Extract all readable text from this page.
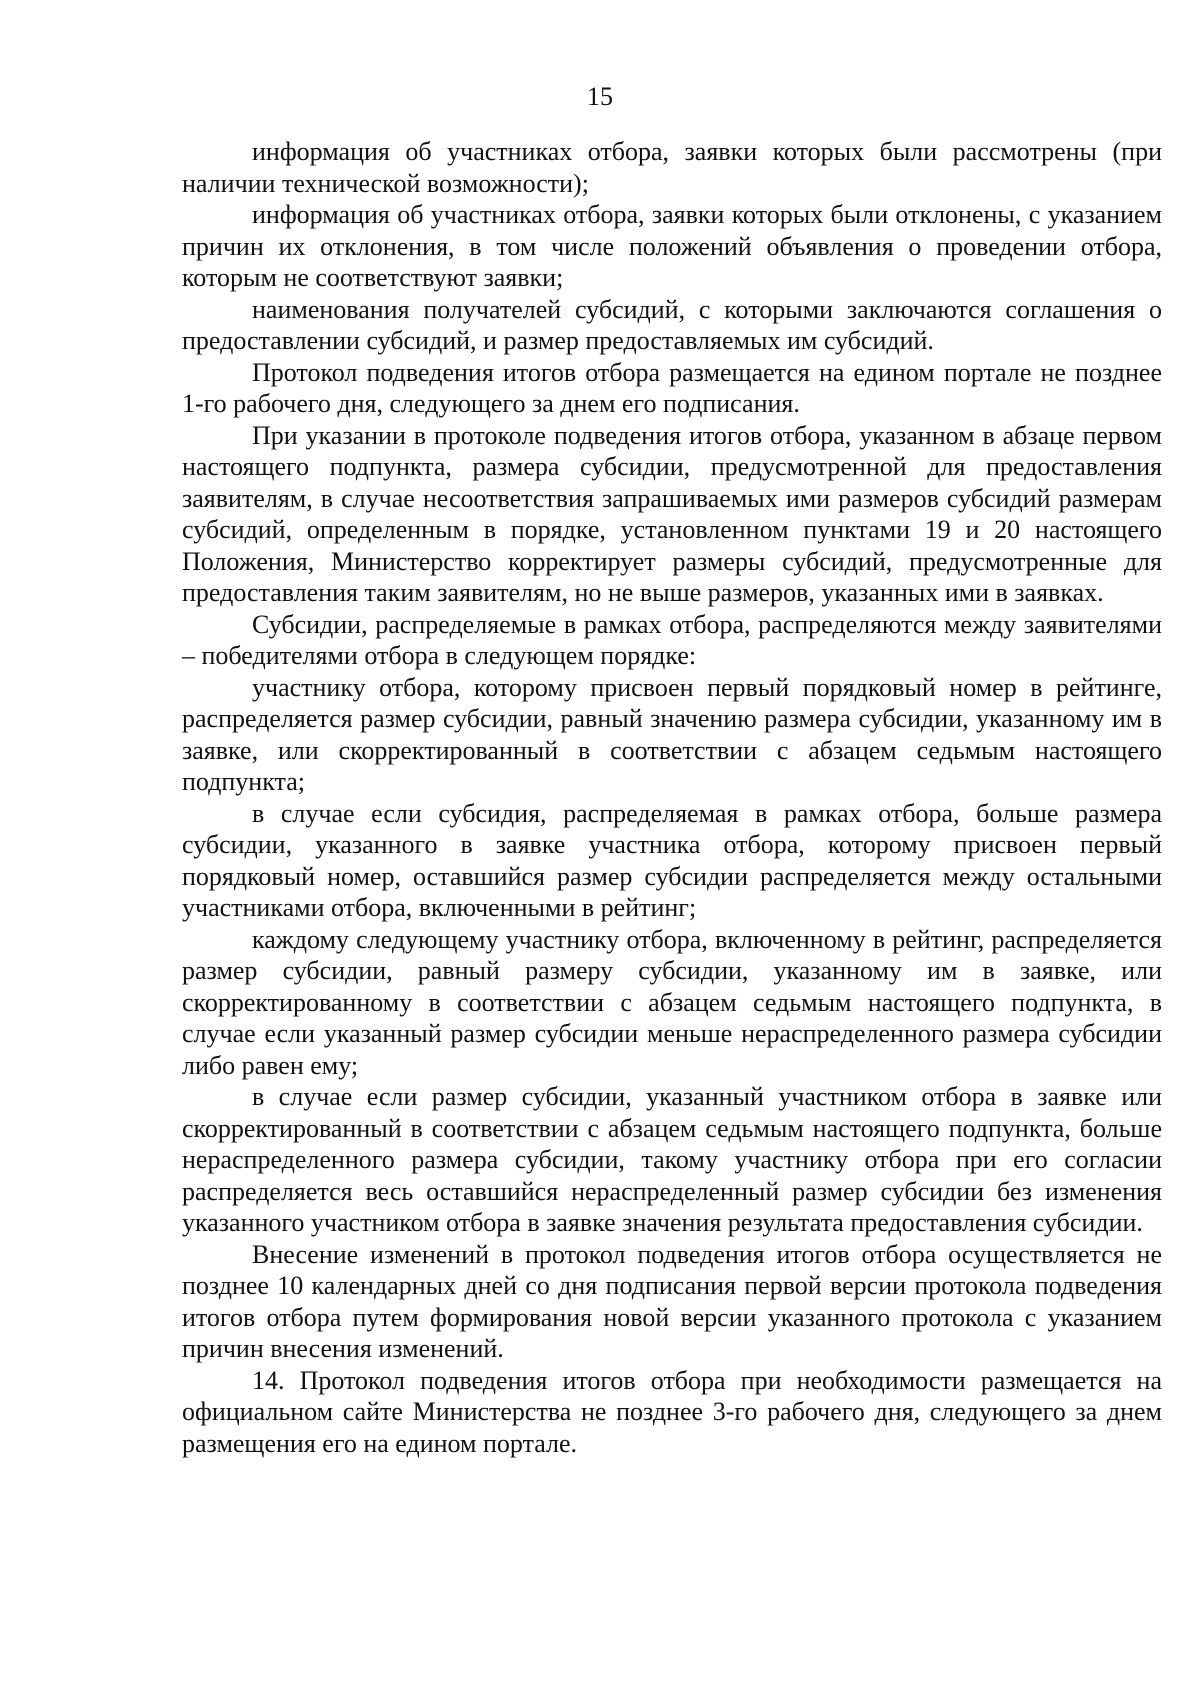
15

информация об участниках отбора, заявки которых были рассмотрены (при наличии технической возможности);

информация об участниках отбора, заявки которых были отклонены, с указанием причин их отклонения, в том числе положений объявления о проведении отбора, которым не соответствуют заявки;

наименования получателей субсидий, с которыми заключаются соглашения о предоставлении субсидий, и размер предоставляемых им субсидий.

Протокол подведения итогов отбора размещается на едином портале не позднее 1-го рабочего дня, следующего за днем его подписания.

При указании в протоколе подведения итогов отбора, указанном в абзаце первом настоящего подпункта, размера субсидии, предусмотренной для предоставления заявителям, в случае несоответствия запрашиваемых ими размеров субсидий размерам субсидий, определенным в порядке, установленном пунктами 19 и 20 настоящего Положения, Министерство корректирует размеры субсидий, предусмотренные для предоставления таким заявителям, но не выше размеров, указанных ими в заявках.

Субсидии, распределяемые в рамках отбора, распределяются между заявителями – победителями отбора в следующем порядке:

участнику отбора, которому присвоен первый порядковый номер в рейтинге, распределяется размер субсидии, равный значению размера субсидии, указанному им в заявке, или скорректированный в соответствии с абзацем седьмым настоящего подпункта;

в случае если субсидия, распределяемая в рамках отбора, больше размера субсидии, указанного в заявке участника отбора, которому присвоен первый порядковый номер, оставшийся размер субсидии распределяется между остальными участниками отбора, включенными в рейтинг;

каждому следующему участнику отбора, включенному в рейтинг, распределяется размер субсидии, равный размеру субсидии, указанному им в заявке, или скорректированному в соответствии с абзацем седьмым настоящего подпункта, в случае если указанный размер субсидии меньше нераспределенного размера субсидии либо равен ему;

в случае если размер субсидии, указанный участником отбора в заявке или скорректированный в соответствии с абзацем седьмым настоящего подпункта, больше нераспределенного размера субсидии, такому участнику отбора при его согласии распределяется весь оставшийся нераспределенный размер субсидии без изменения указанного участником отбора в заявке значения результата предоставления субсидии.

Внесение изменений в протокол подведения итогов отбора осуществляется не позднее 10 календарных дней со дня подписания первой версии протокола подведения итогов отбора путем формирования новой версии указанного протокола с указанием причин внесения изменений.

14. Протокол подведения итогов отбора при необходимости размещается на официальном сайте Министерства не позднее 3-го рабочего дня, следующего за днем размещения его на едином портале.
